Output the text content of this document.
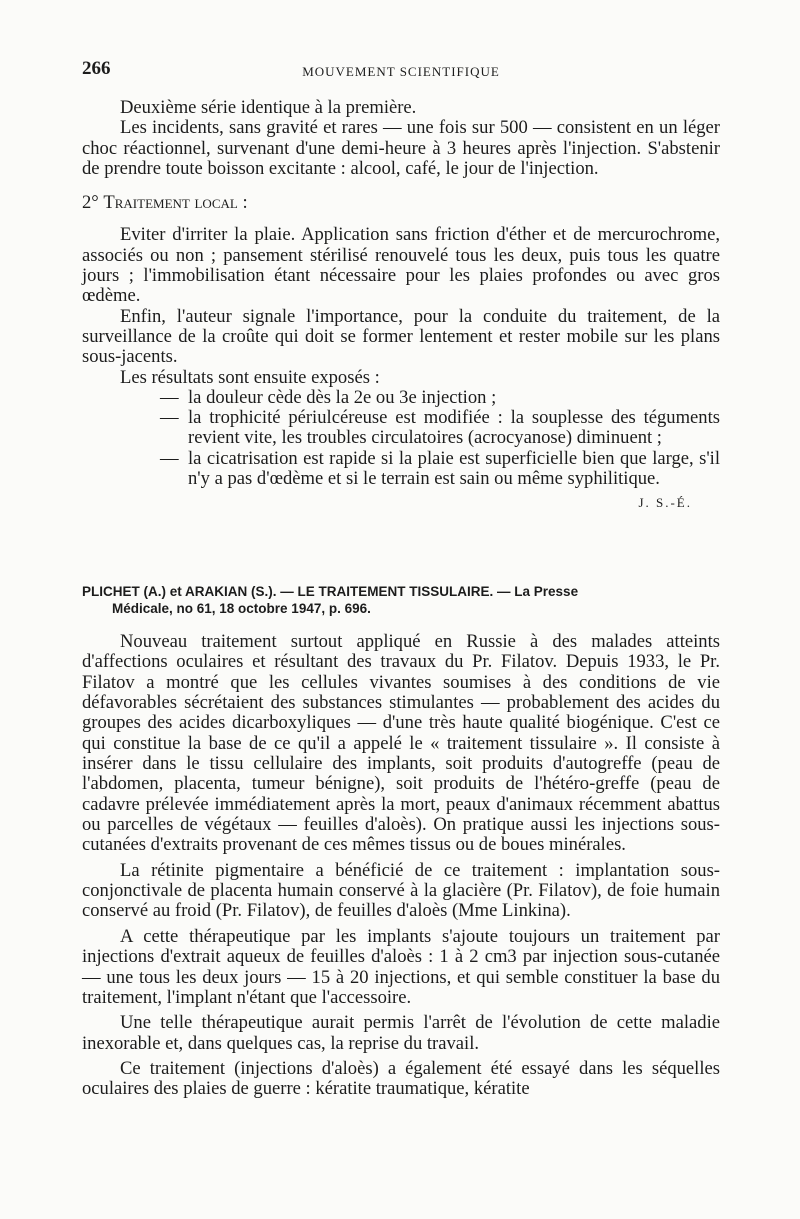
266	MOUVEMENT SCIENTIFIQUE

Deuxième série identique à la première.

Les incidents, sans gravité et rares — une fois sur 500 — consistent en un léger choc réactionnel, survenant d'une demi-heure à 3 heures après l'injection. S'abstenir de prendre toute boisson excitante : alcool, café, le jour de l'injection.

2° Traitement local :

Eviter d'irriter la plaie. Application sans friction d'éther et de mercurochrome, associés ou non ; pansement stérilisé renouvelé tous les deux, puis tous les quatre jours ; l'immobilisation étant nécessaire pour les plaies profondes ou avec gros œdème.

Enfin, l'auteur signale l'importance, pour la conduite du traitement, de la surveillance de la croûte qui doit se former lentement et rester mobile sur les plans sous-jacents.

Les résultats sont ensuite exposés :

— la douleur cède dès la 2e ou 3e injection ;
— la trophicité périulcéreuse est modifiée : la souplesse des téguments revient vite, les troubles circulatoires (acrocyanose) diminuent ;
— la cicatrisation est rapide si la plaie est superficielle bien que large, s'il n'y a pas d'œdème et si le terrain est sain ou même syphilitique.
J. S.-É.
PLICHET (A.) et ARAKIAN (S.). — LE TRAITEMENT TISSULAIRE. — La Presse
Médicale, no 61, 18 octobre 1947, p. 696.

Nouveau traitement surtout appliqué en Russie à des malades atteints d'affections oculaires et résultant des travaux du Pr. Filatov. Depuis 1933, le Pr. Filatov a montré que les cellules vivantes soumises à des conditions de vie défavorables sécrétaient des substances stimulantes — probablement des acides du groupes des acides dicarboxyliques — d'une très haute qualité biogénique. C'est ce qui constitue la base de ce qu'il a appelé le « traitement tissulaire ». Il consiste à insérer dans le tissu cellulaire des implants, soit produits d'autogreffe (peau de l'abdomen, placenta, tumeur bénigne), soit produits de l'hétéro-greffe (peau de cadavre prélevée immédiatement après la mort, peaux d'animaux récemment abattus ou parcelles de végétaux — feuilles d'aloès). On pratique aussi les injections sous-cutanées d'extraits provenant de ces mêmes tissus ou de boues minérales.

La rétinite pigmentaire a bénéficié de ce traitement : implantation sous-conjonctivale de placenta humain conservé à la glacière (Pr. Filatov), de foie humain conservé au froid (Pr. Filatov), de feuilles d'aloès (Mme Linkina).

A cette thérapeutique par les implants s'ajoute toujours un traitement par injections d'extrait aqueux de feuilles d'aloès : 1 à 2 cm3 par injection sous-cutanée — une tous les deux jours — 15 à 20 injections, et qui semble constituer la base du traitement, l'implant n'étant que l'accessoire.

Une telle thérapeutique aurait permis l'arrêt de l'évolution de cette maladie inexorable et, dans quelques cas, la reprise du travail.

Ce traitement (injections d'aloès) a également été essayé dans les séquelles oculaires des plaies de guerre : kératite traumatique, kératite
